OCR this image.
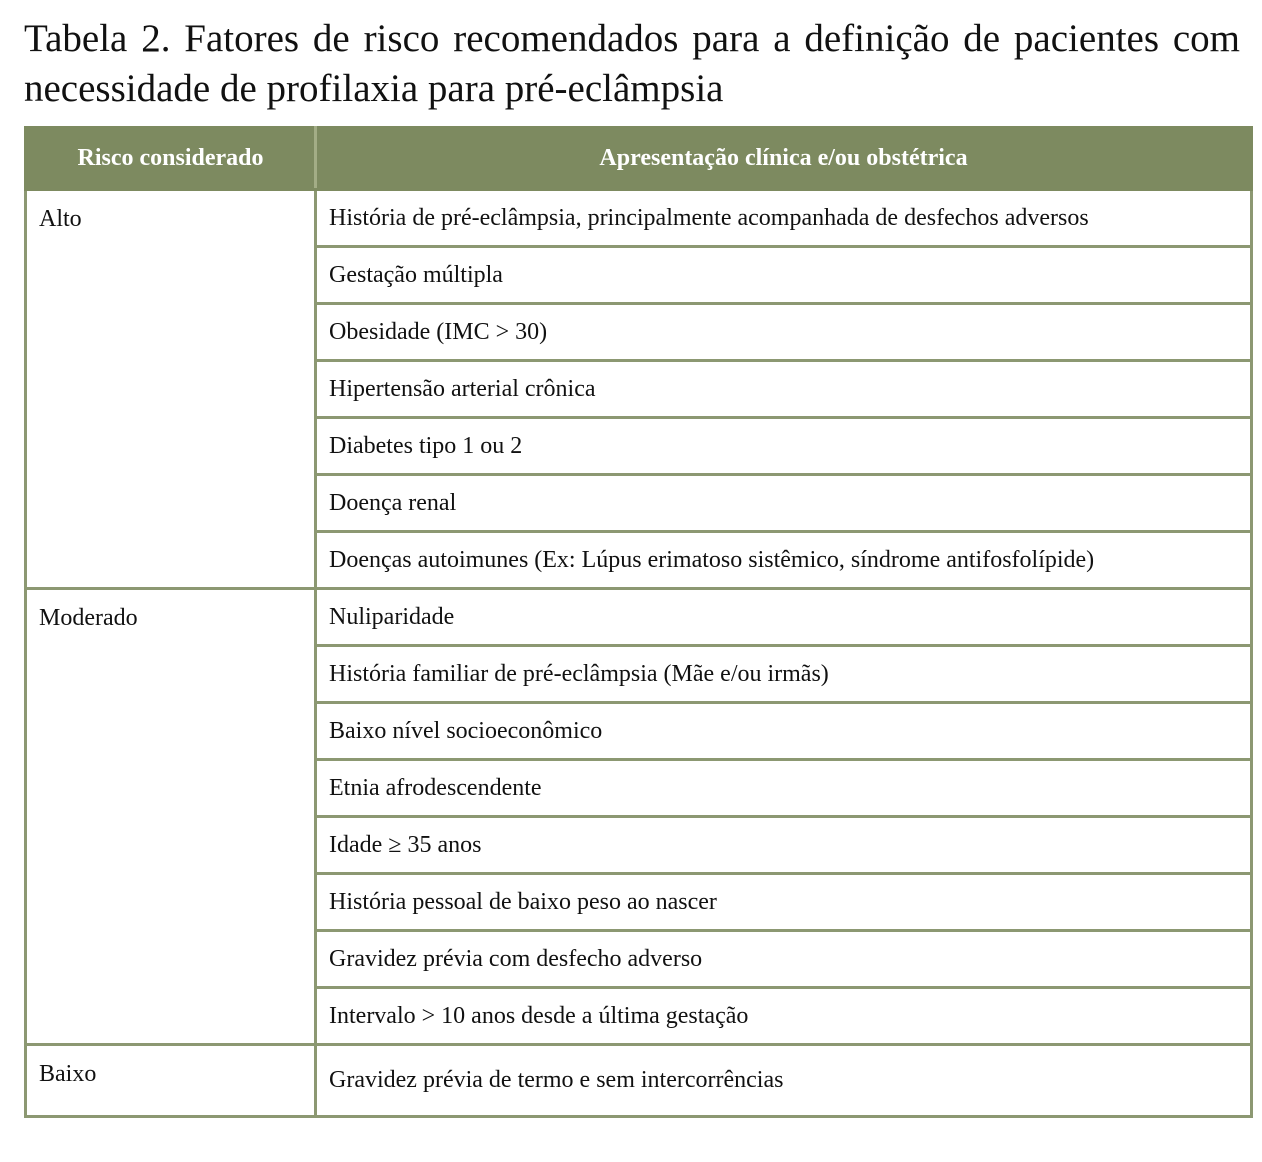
Tabela 2. Fatores de risco recomendados para a definição de pacientes com necessidade de profilaxia para pré-eclâmpsia

Risco considerado	Apresentação clínica e/ou obstétrica
Alto	História de pré-eclâmpsia, principalmente acompanhada de desfechos adversos
	Gestação múltipla
	Obesidade (IMC > 30)
	Hipertensão arterial crônica
	Diabetes tipo 1 ou 2
	Doença renal
	Doenças autoimunes (Ex: Lúpus erimatoso sistêmico, síndrome antifosfolípide)
Moderado	Nuliparidade
	História familiar de pré-eclâmpsia (Mãe e/ou irmãs)
	Baixo nível socioeconômico
	Etnia afrodescendente
	Idade ≥ 35 anos
	História pessoal de baixo peso ao nascer
	Gravidez prévia com desfecho adverso
	Intervalo > 10 anos desde a última gestação
Baixo	Gravidez prévia de termo e sem intercorrências
